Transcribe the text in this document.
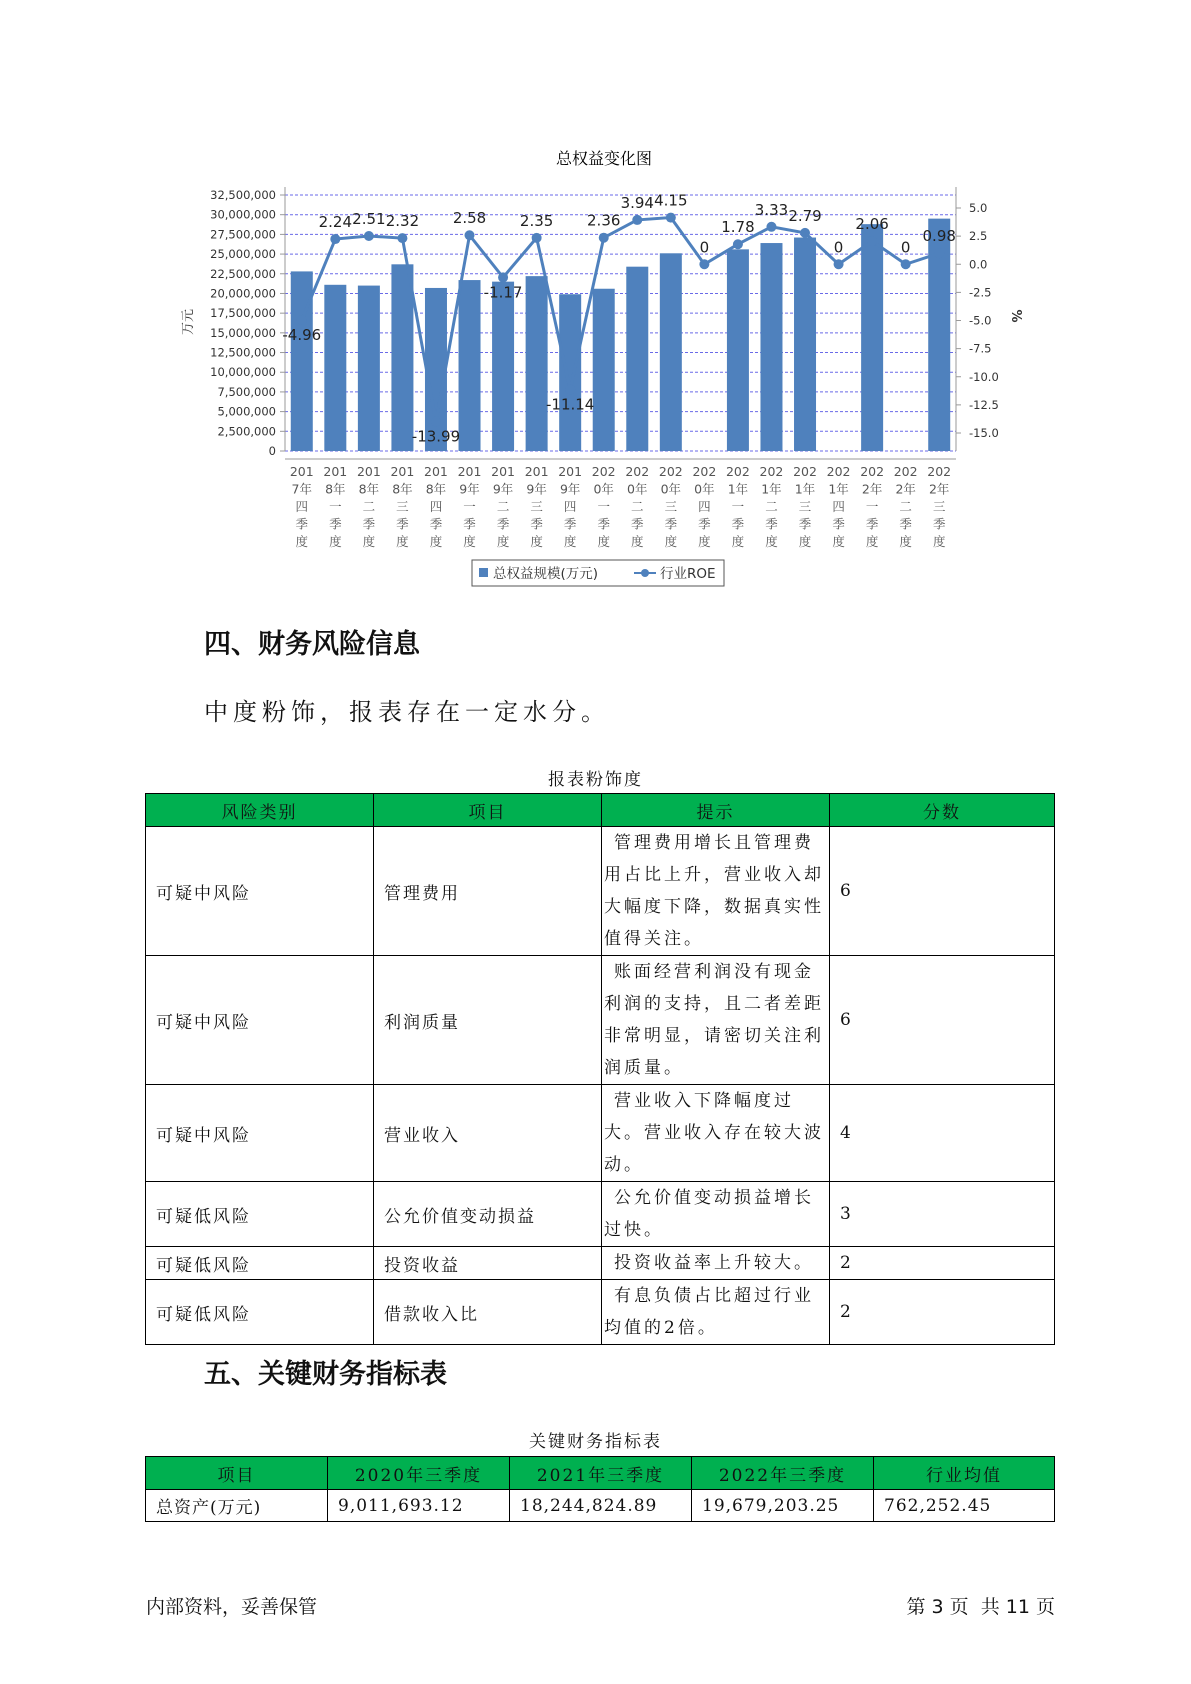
32,500,000
30,000,000
27,500,000
25,000,000
22,500,000
20,000,000
17,500,000
15,000,000
12,500,000
10,000,000
7,500,000
5,000,000
2,500,000
0
5.0
2.5
0.0
-2.5
-5.0
-7.5
-10.0
-12.5
-15.0
万元	%
201
7年
四
季
度
201
8年
一
季
度
201
8年
二
季
度
201
8年
三
季
度
201
8年
四
季
度
201
9年
一
季
度
201
9年
二
季
度
201
9年
三
季
度
201
9年
四
季
度
202
0年
一
季
度
202
0年
二
季
度
202
0年
三
季
度
202
0年
四
季
度
202
1年
一
季
度
202
1年
二
季
度
202
1年
三
季
度
202
1年
四
季
度
202
2年
一
季
度
202
2年
二
季
度
202
2年
三
季
度
-4.96
2.24 2.51 2.32
-13.99
2.58
-1.17
2.35
-11.14
2.36
3.94 4.15
0
1.78
3.33 2.79
0
2.06
0
0.98
总权益规模(万元)	行业ROE
总权益变化图
四、财务风险信息

中度粉饰，报表存在一定水分。

报表粉饰度
风险类别	项目	提示	分数
可疑中风险	管理费用	管理费用增长且管理费用占比上升，营业收入却大幅度下降，数据真实性值得关注。	6
可疑中风险	利润质量	账面经营利润没有现金利润的支持，且二者差距非常明显，请密切关注利润质量。	6
可疑中风险	营业收入	营业收入下降幅度过大。营业收入存在较大波动。	4
可疑低风险	公允价值变动损益	公允价值变动损益增长过快。	3
可疑低风险	投资收益	投资收益率上升较大。	2
可疑低风险	借款收入比	有息负债占比超过行业均值的2倍。	2
五、关键财务指标表
关键财务指标表
项目	2020年三季度	2021年三季度	2022年三季度	行业均值
总资产(万元)	9,011,693.12	18,244,824.89	19,679,203.25	762,252.45
内部资料，妥善保管	第 3 页  共 11 页
